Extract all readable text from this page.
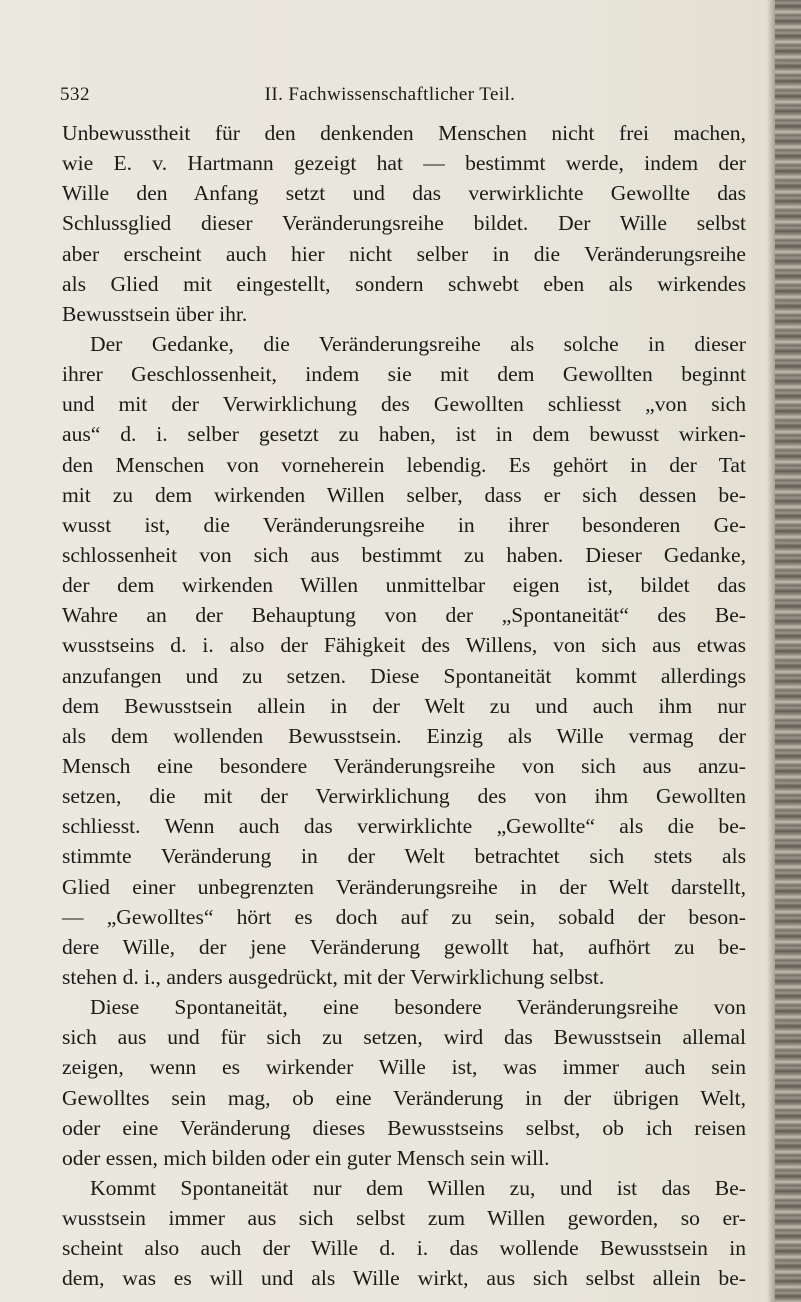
532	II. Fachwissenschaftlicher Teil.
Unbewusstheit für den denkenden Menschen nicht frei machen,
wie E. v. Hartmann gezeigt hat — bestimmt werde, indem der
Wille den Anfang setzt und das verwirklichte Gewollte das
Schlussglied dieser Veränderungsreihe bildet. Der Wille selbst
aber erscheint auch hier nicht selber in die Veränderungsreihe
als Glied mit eingestellt, sondern schwebt eben als wirkendes
Bewusstsein über ihr.
Der Gedanke, die Veränderungsreihe als solche in dieser
ihrer Geschlossenheit, indem sie mit dem Gewollten beginnt
und mit der Verwirklichung des Gewollten schliesst „von sich
aus“ d. i. selber gesetzt zu haben, ist in dem bewusst wirken-
den Menschen von vorneherein lebendig. Es gehört in der Tat
mit zu dem wirkenden Willen selber, dass er sich dessen be-
wusst ist, die Veränderungsreihe in ihrer besonderen Ge-
schlossenheit von sich aus bestimmt zu haben. Dieser Gedanke,
der dem wirkenden Willen unmittelbar eigen ist, bildet das
Wahre an der Behauptung von der „Spontaneität“ des Be-
wusstseins d. i. also der Fähigkeit des Willens, von sich aus etwas
anzufangen und zu setzen. Diese Spontaneität kommt allerdings
dem Bewusstsein allein in der Welt zu und auch ihm nur
als dem wollenden Bewusstsein. Einzig als Wille vermag der
Mensch eine besondere Veränderungsreihe von sich aus anzu-
setzen, die mit der Verwirklichung des von ihm Gewollten
schliesst. Wenn auch das verwirklichte „Gewollte“ als die be-
stimmte Veränderung in der Welt betrachtet sich stets als
Glied einer unbegrenzten Veränderungsreihe in der Welt darstellt,
— „Gewolltes“ hört es doch auf zu sein, sobald der beson-
dere Wille, der jene Veränderung gewollt hat, aufhört zu be-
stehen d. i., anders ausgedrückt, mit der Verwirklichung selbst.
Diese Spontaneität, eine besondere Veränderungsreihe von
sich aus und für sich zu setzen, wird das Bewusstsein allemal
zeigen, wenn es wirkender Wille ist, was immer auch sein
Gewolltes sein mag, ob eine Veränderung in der übrigen Welt,
oder eine Veränderung dieses Bewusstseins selbst, ob ich reisen
oder essen, mich bilden oder ein guter Mensch sein will.
Kommt Spontaneität nur dem Willen zu, und ist das Be-
wusstsein immer aus sich selbst zum Willen geworden, so er-
scheint also auch der Wille d. i. das wollende Bewusstsein in
dem, was es will und als Wille wirkt, aus sich selbst allein be-
